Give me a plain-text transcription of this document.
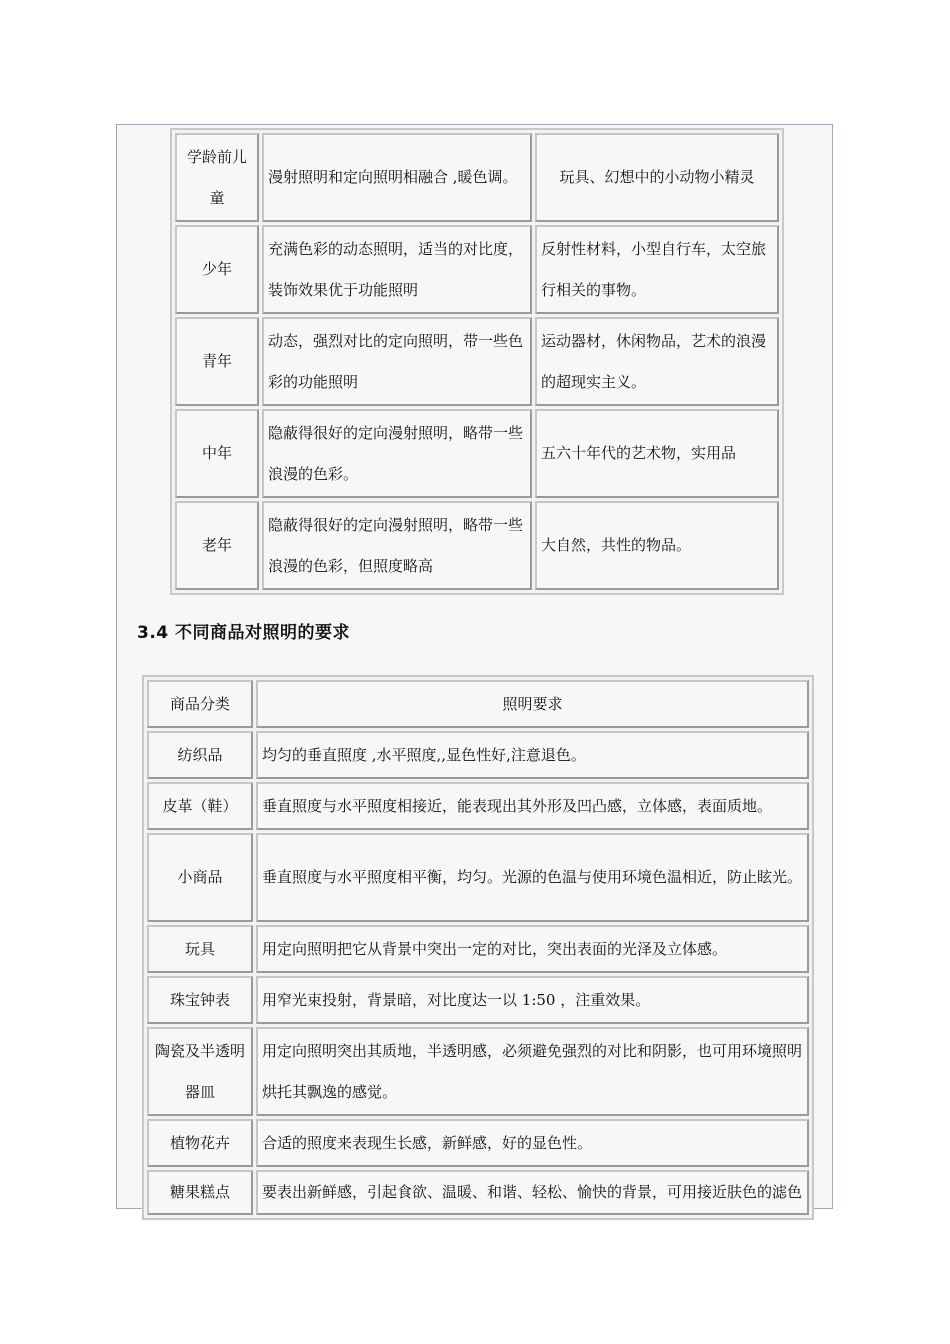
学龄前儿童	漫射照明和定向照明相融合 ,暖色调。	玩具、幻想中的小动物小精灵
少年	充满色彩的动态照明，适当的对比度，装饰效果优于功能照明	反射性材料，小型自行车，太空旅行相关的事物。
青年	动态，强烈对比的定向照明，带一些色彩的功能照明	运动器材，休闲物品，艺术的浪漫的超现实主义。
中年	隐蔽得很好的定向漫射照明，略带一些浪漫的色彩。	五六十年代的艺术物，实用品
老年	隐蔽得很好的定向漫射照明，略带一些浪漫的色彩，但照度略高	大自然，共性的物品。
3.4 不同商品对照明的要求
商品分类	照明要求
纺织品	均匀的垂直照度 ,水平照度,,显色性好,注意退色。
皮革（鞋）	垂直照度与水平照度相接近，能表现出其外形及凹凸感，立体感，表面质地。
小商品	垂直照度与水平照度相平衡，均匀。光源的色温与使用环境色温相近，防止眩光。
玩具	用定向照明把它从背景中突出一定的对比，突出表面的光泽及立体感。
珠宝钟表	用窄光束投射，背景暗，对比度达一以 1:50 ，注重效果。
陶瓷及半透明器皿	用定向照明突出其质地，半透明感，必须避免强烈的对比和阴影，也可用环境照明烘托其飘逸的感觉。
植物花卉	合适的照度来表现生长感，新鲜感，好的显色性。
糖果糕点	要表出新鲜感，引起食欲、温暖、和谐、轻松、愉快的背景，可用接近肤色的滤色
